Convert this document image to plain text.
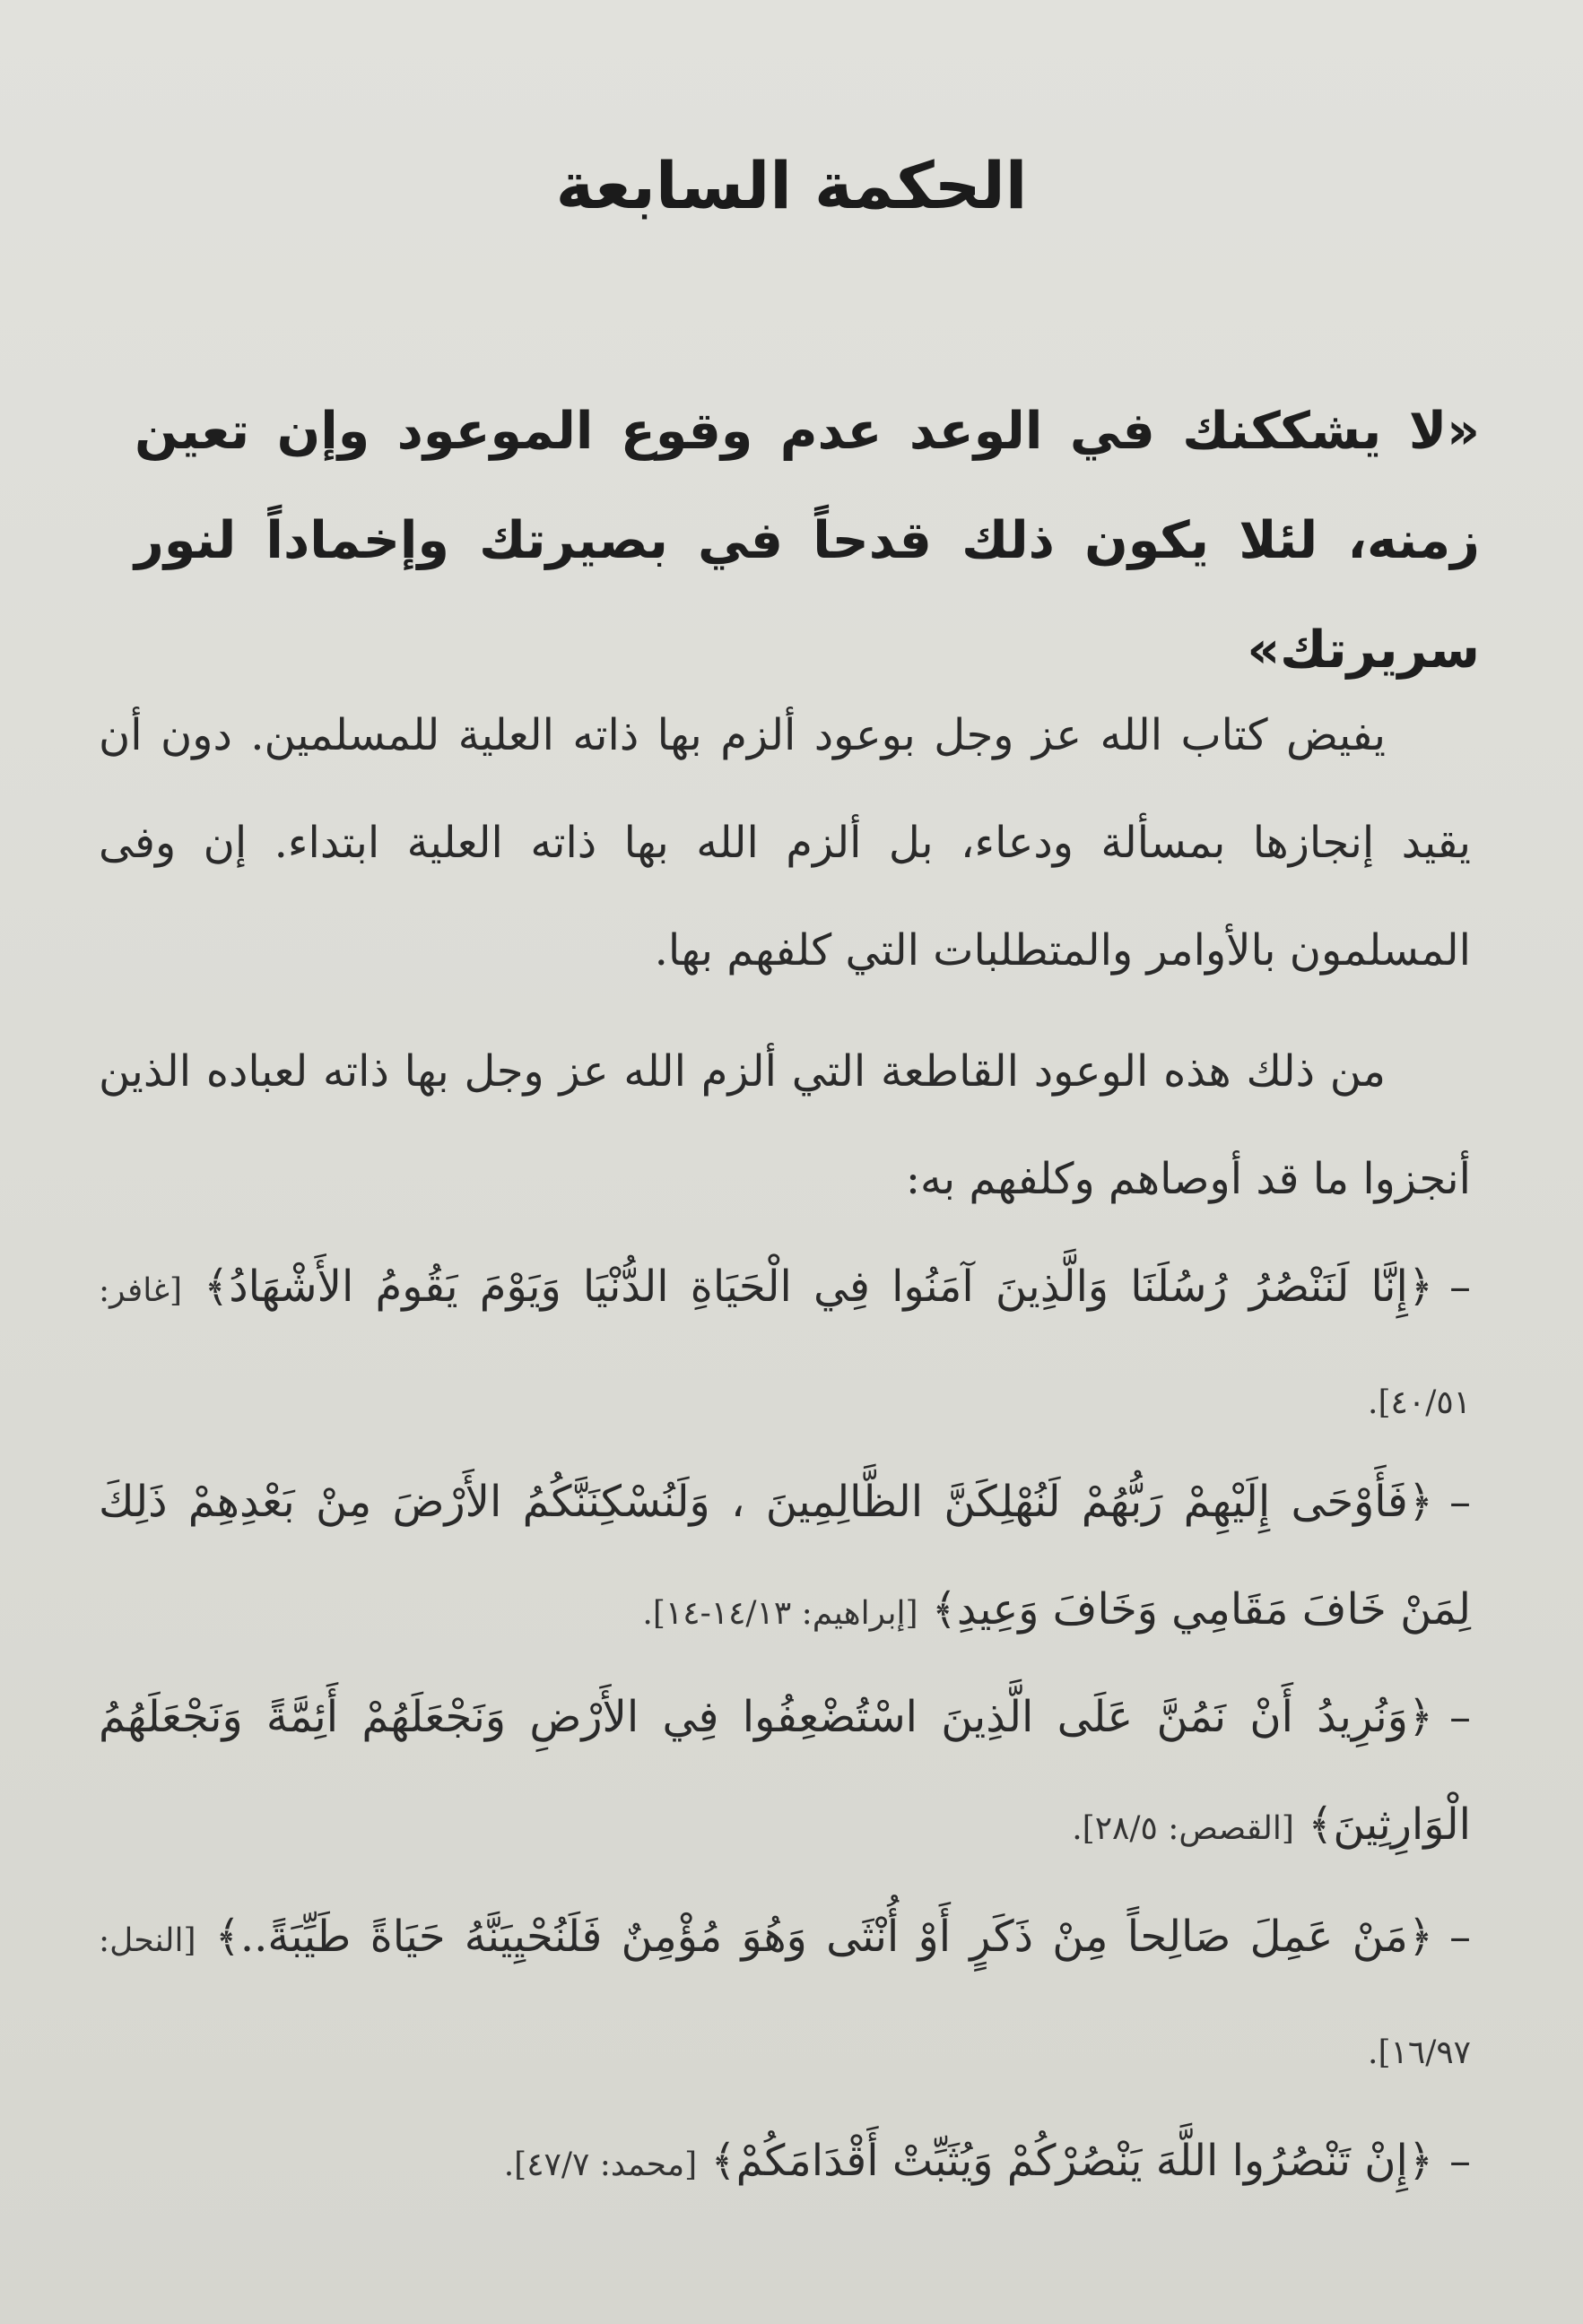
الحكمة السابعة
«لا يشككنك في الوعد عدم وقوع الموعود وإن تعين زمنه، لئلا يكون ذلك قدحاً في بصيرتك وإخماداً لنور سريرتك»

يفيض كتاب الله عز وجل بوعود ألزم بها ذاته العلية للمسلمين. دون أن يقيد إنجازها بمسألة ودعاء، بل ألزم الله بها ذاته العلية ابتداء. إن وفى المسلمون بالأوامر والمتطلبات التي كلفهم بها.

من ذلك هذه الوعود القاطعة التي ألزم الله عز وجل بها ذاته لعباده الذين أنجزوا ما قد أوصاهم وكلفهم به:

–﴿إِنَّا لَنَنْصُرُ رُسُلَنَا وَالَّذِينَ آمَنُوا فِي الْحَيَاةِ الدُّنْيَا وَيَوْمَ يَقُومُ الأَشْهَادُ﴾ [غافر: ٤٠/٥١].

–﴿فَأَوْحَى إِلَيْهِمْ رَبُّهُمْ لَنُهْلِكَنَّ الظَّالِمِينَ ، وَلَنُسْكِنَنَّكُمُ الأَرْضَ مِنْ بَعْدِهِمْ ذَلِكَ لِمَنْ خَافَ مَقَامِي وَخَافَ وَعِيدِ﴾ [إبراهيم: ١٤/١٣-١٤].

–﴿وَنُرِيدُ أَنْ نَمُنَّ عَلَى الَّذِينَ اسْتُضْعِفُوا فِي الأَرْضِ وَنَجْعَلَهُمْ أَئِمَّةً وَنَجْعَلَهُمُ الْوَارِثِينَ﴾ [القصص: ٢٨/٥].

–﴿مَنْ عَمِلَ صَالِحاً مِنْ ذَكَرٍ أَوْ أُنْثَى وَهُوَ مُؤْمِنٌ فَلَنُحْيِيَنَّهُ حَيَاةً طَيِّبَةً..﴾ [النحل: ١٦/٩٧].

–﴿إِنْ تَنْصُرُوا اللَّهَ يَنْصُرْكُمْ وَيُثَبِّتْ أَقْدَامَكُمْ﴾ [محمد: ٤٧/٧].
